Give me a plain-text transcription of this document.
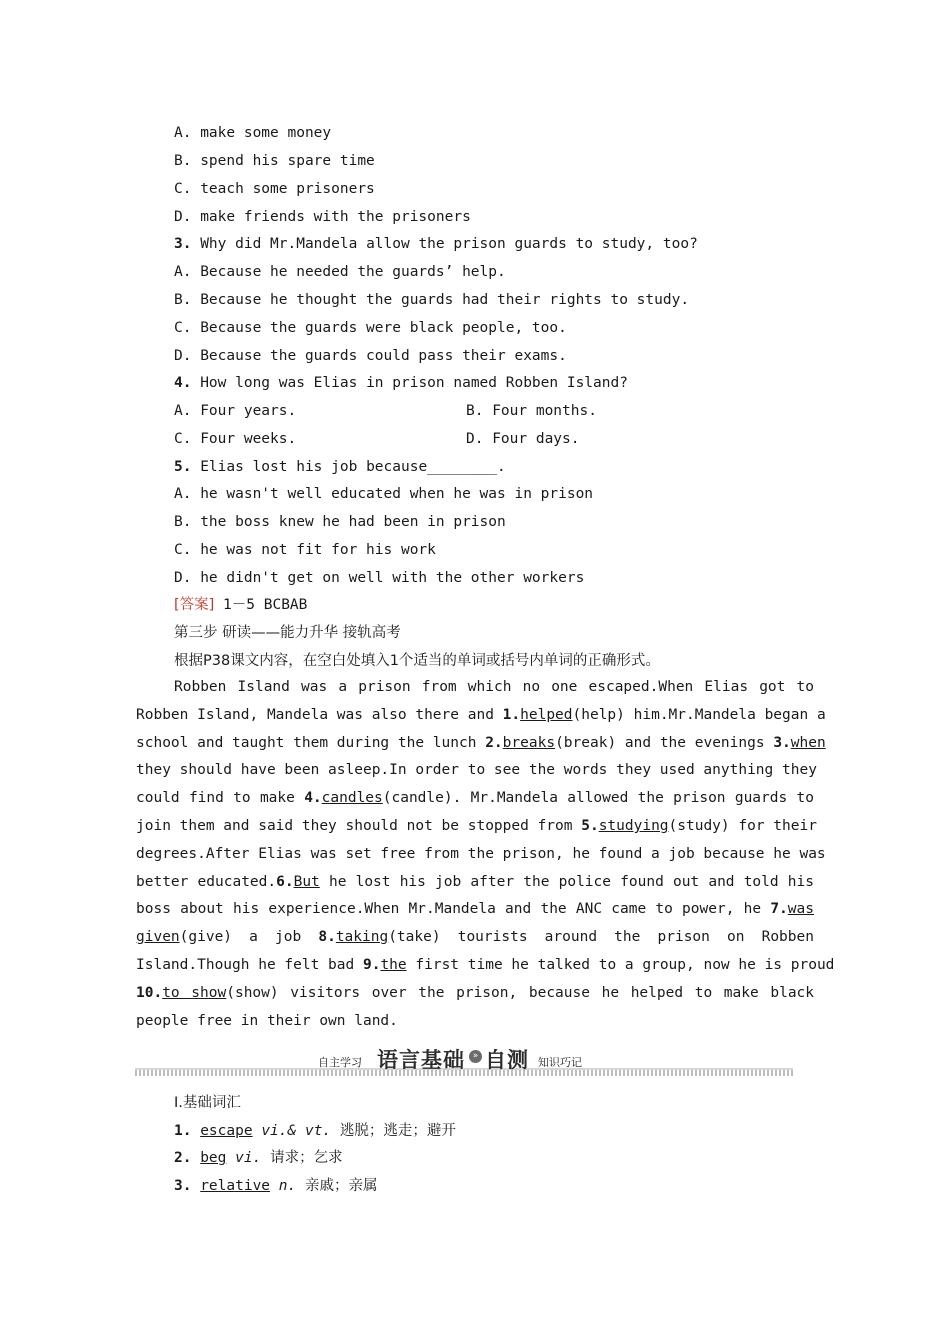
A. make some money
B. spend his spare time
C. teach some prisoners
D. make friends with the prisoners
3. Why did Mr.Mandela allow the prison guards to study, too?
A. Because he needed the guards’ help.
B. Because he thought the guards had their rights to study.
C. Because the guards were black people, too.
D. Because the guards could pass their exams.
4. How long was Elias in prison named Robben Island?
A. Four years.	B. Four months.
C. Four weeks.	D. Four days.
5. Elias lost his job because________.
A. he wasn't well educated when he was in prison
B. the boss knew he had been in prison
C. he was not fit for his work
D. he didn't get on well with the other workers
[答案] 1－5 BCBAB
第三步 研读——能力升华 接轨高考
根据P38课文内容，在空白处填入1个适当的单词或括号内单词的正确形式。
Robben Island was a prison from which no one escaped.When Elias got to
Robben Island, Mandela was also there and 1.helped(help) him.Mr.Mandela began a
school and taught them during the lunch 2.breaks(break) and the evenings 3.when
they should have been asleep.In order to see the words they used anything they
could find to make 4.candles(candle). Mr.Mandela allowed the prison guards to
join them and said they should not be stopped from 5.studying(study) for their
degrees.After Elias was set free from the prison, he found a job because he was
better educated.6.But he lost his job after the police found out and told his
boss about his experience.When Mr.Mandela and the ANC came to power, he 7.was
given(give) a job 8.taking(take) tourists around the prison on Robben
Island.Though he felt bad 9.the first time he talked to a group, now he is proud
10.to show(show) visitors over the prison, because he helped to make black
people free in their own land.
自主学习 语言基础 » 自测 知识巧记
Ⅰ.基础词汇
1. escape vi.& vt. 逃脱；逃走；避开
2. beg vi. 请求；乞求
3. relative n. 亲戚；亲属
